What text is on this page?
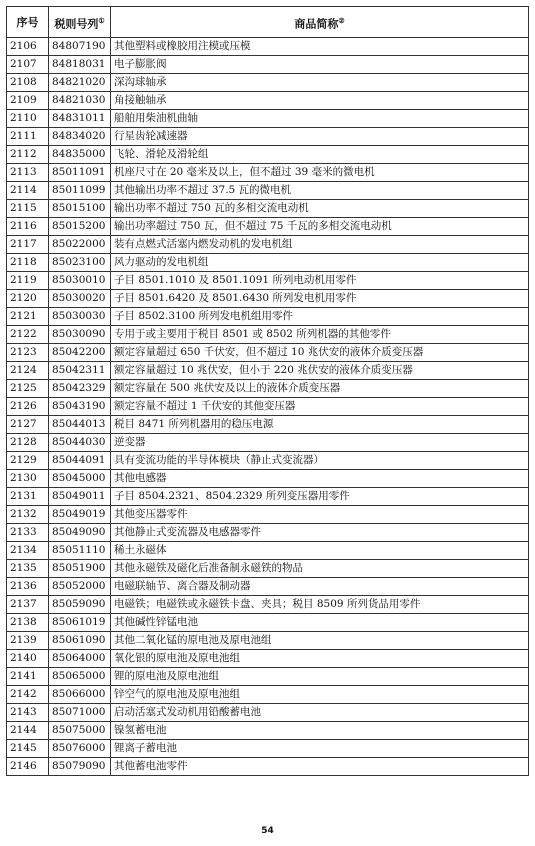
序号	税则号列①	商品简称②
2106	84807190	其他塑料或橡胶用注模或压模
2107	84818031	电子膨胀阀
2108	84821020	深沟球轴承
2109	84821030	角接触轴承
2110	84831011	船舶用柴油机曲轴
2111	84834020	行星齿轮减速器
2112	84835000	飞轮、滑轮及滑轮组
2113	85011091	机座尺寸在 20 毫米及以上，但不超过 39 毫米的微电机
2114	85011099	其他输出功率不超过 37.5 瓦的微电机
2115	85015100	输出功率不超过 750 瓦的多相交流电动机
2116	85015200	输出功率超过 750 瓦，但不超过 75 千瓦的多相交流电动机
2117	85022000	装有点燃式活塞内燃发动机的发电机组
2118	85023100	风力驱动的发电机组
2119	85030010	子目 8501.1010 及 8501.1091 所列电动机用零件
2120	85030020	子目 8501.6420 及 8501.6430 所列发电机用零件
2121	85030030	子目 8502.3100 所列发电机组用零件
2122	85030090	专用于或主要用于税目 8501 或 8502 所列机器的其他零件
2123	85042200	额定容量超过 650 千伏安，但不超过 10 兆伏安的液体介质变压器
2124	85042311	额定容量超过 10 兆伏安，但小于 220 兆伏安的液体介质变压器
2125	85042329	额定容量在 500 兆伏安及以上的液体介质变压器
2126	85043190	额定容量不超过 1 千伏安的其他变压器
2127	85044013	税目 8471 所列机器用的稳压电源
2128	85044030	逆变器
2129	85044091	具有变流功能的半导体模块（静止式变流器）
2130	85045000	其他电感器
2131	85049011	子目 8504.2321、8504.2329 所列变压器用零件
2132	85049019	其他变压器零件
2133	85049090	其他静止式变流器及电感器零件
2134	85051110	稀土永磁体
2135	85051900	其他永磁铁及磁化后准备制永磁铁的物品
2136	85052000	电磁联轴节、离合器及制动器
2137	85059090	电磁铁；电磁铁或永磁铁卡盘、夹具；税目 8509 所列货品用零件
2138	85061019	其他碱性锌锰电池
2139	85061090	其他二氧化锰的原电池及原电池组
2140	85064000	氧化银的原电池及原电池组
2141	85065000	锂的原电池及原电池组
2142	85066000	锌空气的原电池及原电池组
2143	85071000	启动活塞式发动机用铅酸蓄电池
2144	85075000	镍氢蓄电池
2145	85076000	锂离子蓄电池
2146	85079090	其他蓄电池零件
54
